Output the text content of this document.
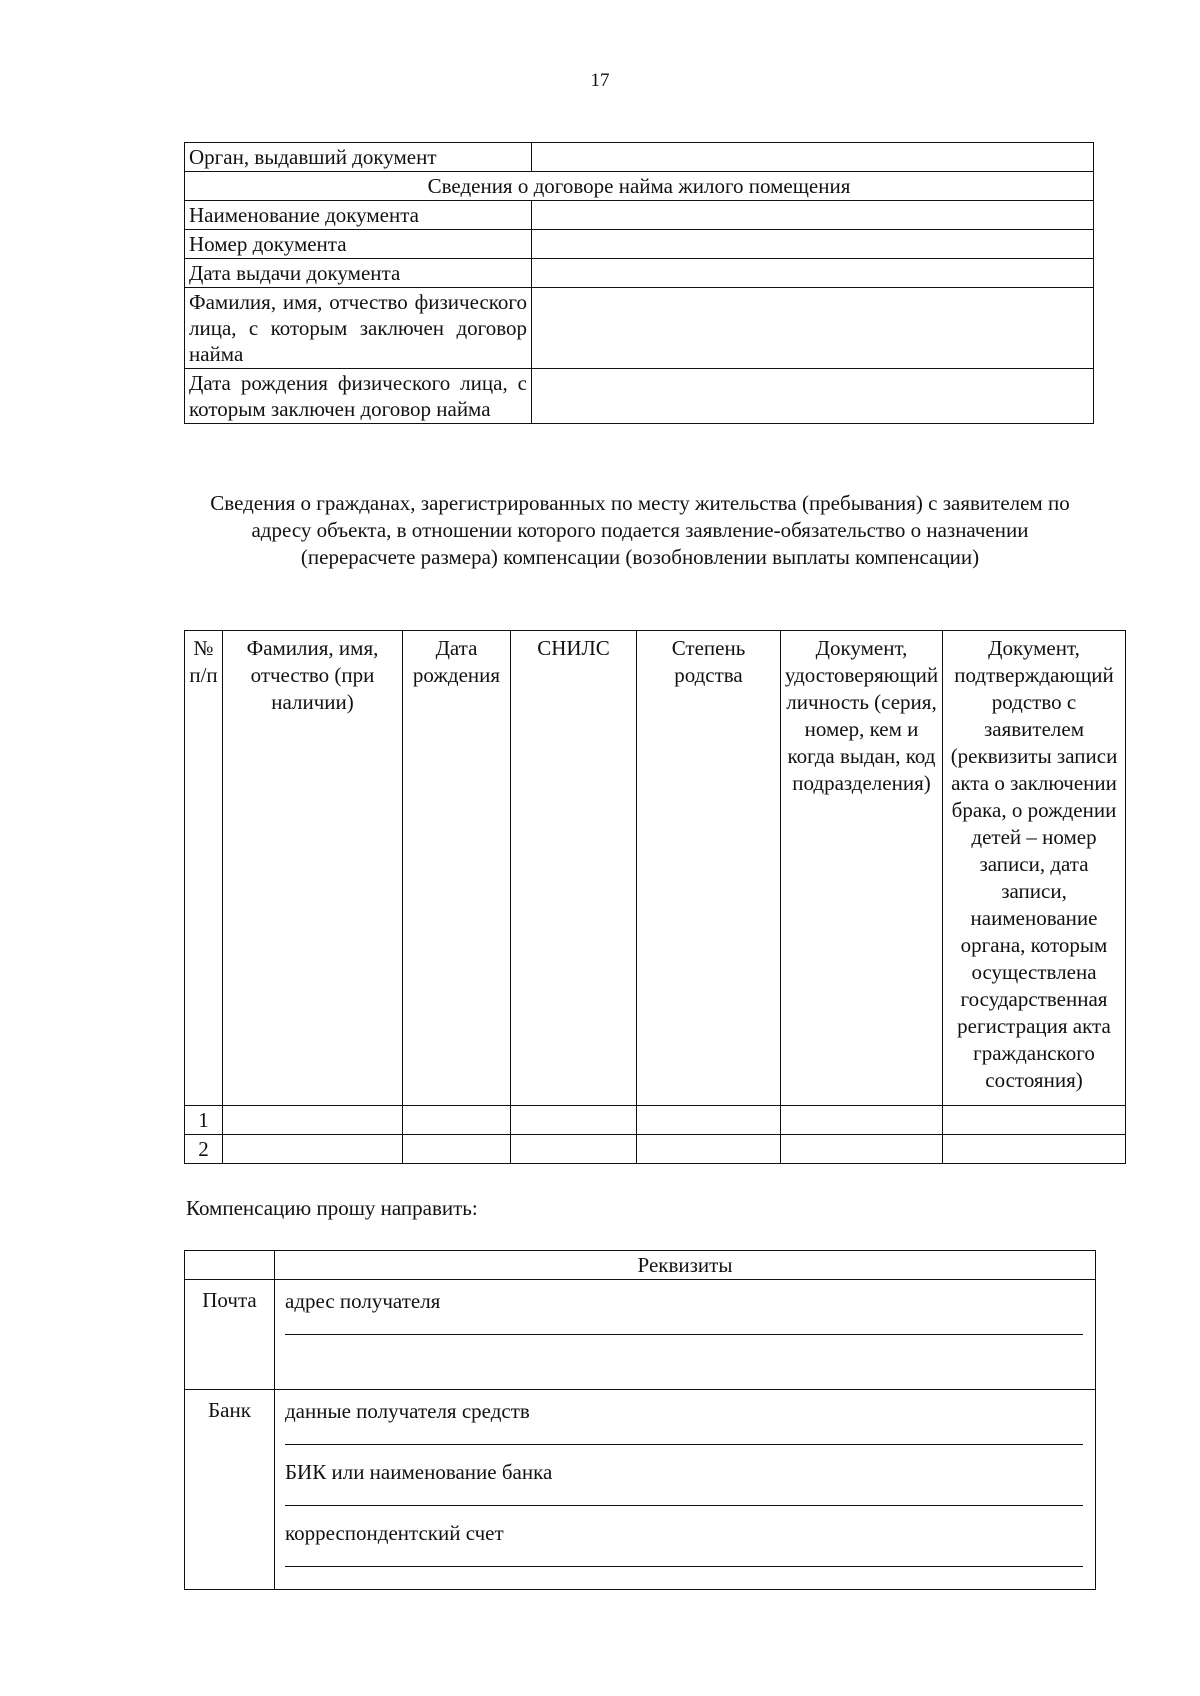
17
Орган, выдавший документ	
Сведения о договоре найма жилого помещения	
Наименование документа	
Номер документа	
Дата выдачи документа	
Фамилия, имя, отчество физического лица, с которым заключен договор найма	
Дата рождения физического лица, с которым заключен договор найма	
Сведения о гражданах, зарегистрированных по месту жительства (пребывания) с заявителем по адресу объекта, в отношении которого подается заявление-обязательство о назначении (перерасчете размера) компенсации (возобновлении выплаты компенсации)
№ п/п	Фамилия, имя, отчество (при наличии)	Дата рождения	СНИЛС	Степень родства	Документ, удостоверяющий личность (серия, номер, кем и когда выдан, код подразделения)	Документ, подтверждающий родство с заявителем (реквизиты записи акта о заключении брака, о рождении детей – номер записи, дата записи, наименование органа, которым осуществлена государственная регистрация акта гражданского состояния)
1						
2						
Компенсацию прошу направить:
	Реквизиты
Почта	адрес получателя

Банк	данные получателя средств
БИК или наименование банка
корреспондентский счет
